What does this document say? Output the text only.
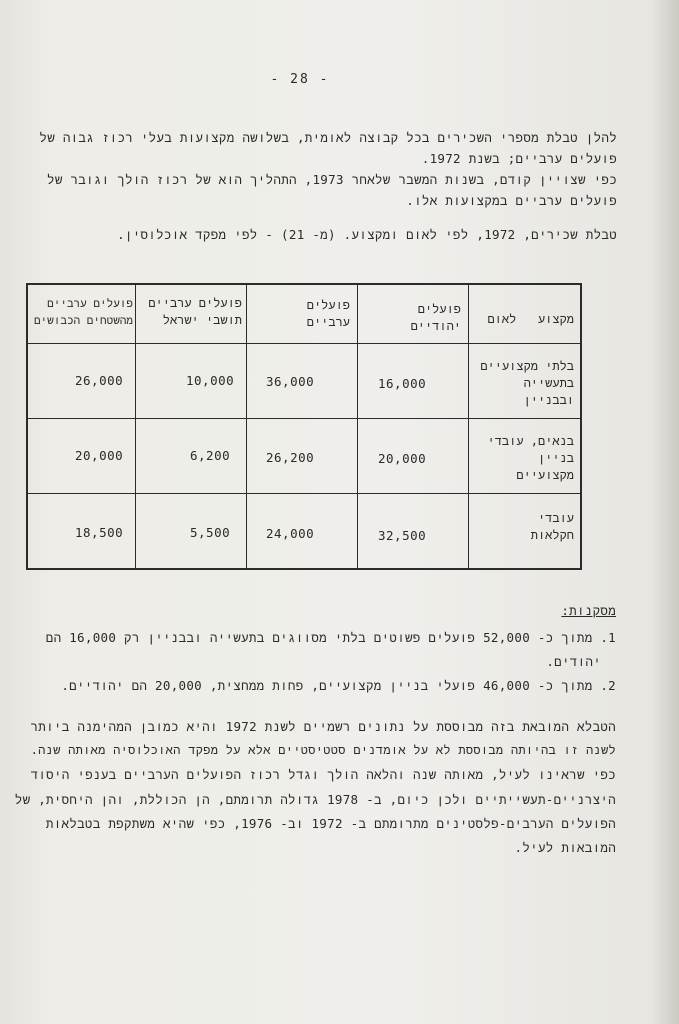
- 28 -
להלן טבלת מספרי השכירים בכל קבוצה לאומית, בשלושה מקצועות בעלי רכוז גבוה של
פועלים ערביים; בשנת 1972.
כפי שצויין קודם, בשנות המשבר שלאחר 1973, התהליך הוא של רכוז הולך וגובר של
פועלים ערביים במקצועות אלו.
טבלת שכירים, 1972, לפי לאום ומקצוע. (מ- 21) - לפי מפקד אוכלוסין.
מקצוע   לאום
פועלים
יהודיים
פועלים
ערביים
פועלים ערביים
תושבי ישראל
פועלים ערביים
מהשטחים הכבושים
בלתי מקצועיים
בתעשייה
ובבניין
16,000
36,000
10,000
26,000
בנאים, עובדי
בניין
מקצועיים
20,000
26,200
6,200
20,000
עובדי
חקלאות
32,500
24,000
5,500
18,500
מסקנות:
1. מתוך כ- 52,000 פועלים פשוטים בלתי מסווגים בתעשייה ובבניין רק 16,000 הם
יהודים.
2. מתוך כ- 46,000 פועלי בניין מקצועיים, פחות ממחצית, 20,000 הם יהודיים.
הטבלא המובאת בזה מבוססת על נתונים רשמיים לשנת 1972 והיא כמובן המהימנה ביותר
לשנה זו בהיותה מבוססת לא על אומדנים סטטיסטיים אלא על מפקד האוכלוסיה מאותה שנה.
כפי שראינו לעיל, מאותה שנה והלאה הולך וגדל רכוז הפועלים הערביים בענפי היסוד
היצרניים-תעשייתיים ולכן כיום, ב- 1978 גדולה תרומתם, הן הכוללת, והן היחסית, של
הפועלים הערבים-פלסטינים מתרומתם ב- 1972 וב- 1976, כפי שהיא משתקפת בטבלאות
המובאות לעיל.
